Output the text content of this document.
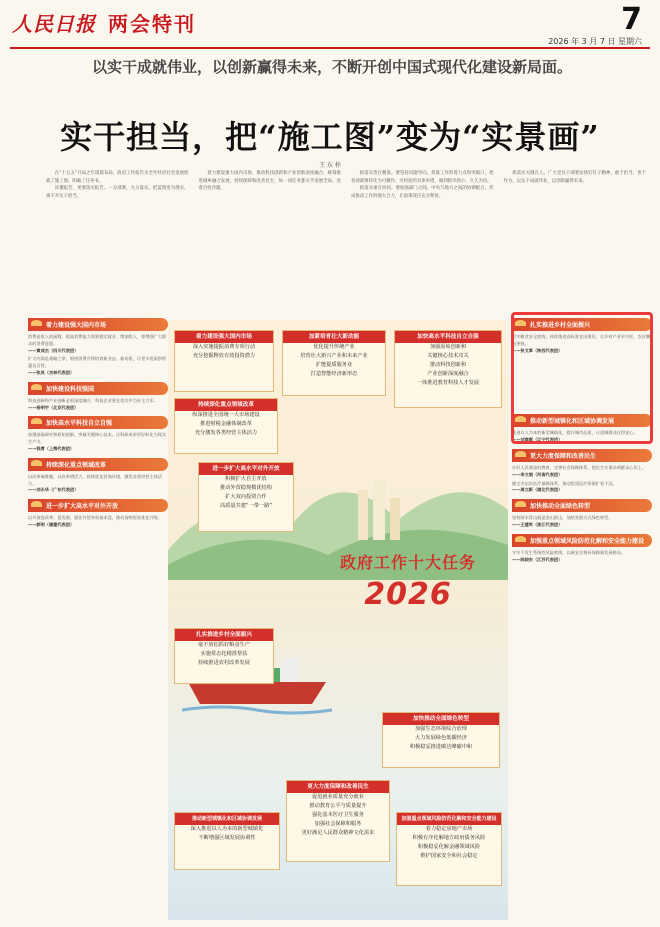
人民日报 两会特刊	7
2026 年 3 月 7 日 星期六
以实干成就伟业，以创新赢得未来，不断开创中国式现代化建设新局面。
实干担当，把“施工图”变为“实景画”
王 东 梓

在“十五五”开局之年谋篇布局，政府工作报告为全年经济社会发展绘就了施工图、明确了任务书。

读懂报告，更要落实报告。一分部署，九分落实。把蓝图变为现实，离不开实干担当。

着力建设强大国内市场，推动科技创新和产业创新深度融合，统筹推进城乡融合发展，持续保障和改善民生，每一项任务都关乎发展全局、连着百姓冷暖。

抓落实贵在精准。要坚持问题导向，找准工作的着力点和突破口，把各项部署转化为可操作、可检验的具体举措，做到抓早抓小、久久为功。

抓落实重在协同。要加强部门之间、中央与地方之间的协调配合，形成推动工作的强大合力，让政策效应充分释放。

抓落实关键在人。广大党员干部要发扬钉钉子精神，敢于担当、善于作为，以实干成就伟业，以创新赢得未来。

着力建设强大国内市场

消费是收入的函数，提高消费能力需要稳定就业、增加收入，要增强广大群众的消费意愿。
——黄成杰（四川代表团）

扩大内需是战略之举，围绕消费升级培育新业态、新场景，让更多优质供给惠及百姓。
——张凤（吉林代表团）

加快建设科技强国

科技创新和产业创新必须深度融合，科技企业要在攻关中当好主力军。
——杨明宇（北京代表团）

加快高水平科技自立自强

加强基础研究和原始创新，突破关键核心技术，让科研成果更好转化为现实生产力。
——钱青（上海代表团）

持续深化重点领域改革

以改革破难题，以改革增活力，持续优化营商环境，激发各类经营主体活力。
——刘永华（广东代表团）

进一步扩大高水平对外开放

以开放促改革、促发展，稳住外贸外资基本盘，推动货物贸易优化升级。
——郭明（福建代表团）

扎实推进乡村全面振兴

把牢粮食安全底线，持续推进高标准农田建设，让乡村产业更兴旺、农民腰包更鼓。
——张文革（陕西代表团）

推动新型城镇化和区域协调发展

推进以人为本的新型城镇化，提升城市品质，让进城群众住得安心。
——刘春晖（辽宁代表团）

更大力度保障和改善民生

办好人民满意的教育，完善社会保障体系，把民生实事办到群众心坎上。
——李文娟（河南代表团）

健全多层次医疗保障体系，推动优质医疗资源扩容下沉。
——周立新（湖北代表团）

加快推动全面绿色转型

坚持绿水青山就是金山银山，加快发展方式绿色转型。
——王建军（浙江代表团）

加强重点领域风险防范化解和安全能力建设

守牢不发生系统性风险底线，以新安全格局保障新发展格局。
——陈晓东（江苏代表团）

着力建设强大国内市场
深入实施提振消费专项行动
充分挖掘释放有效投资潜力
加紧培育壮大新动能
优化提升传统产业
培育壮大新兴产业和未来产业
扩能提质服务业
打造智能经济新形态
加快高水平科技自立自强
加强原始创新和
关键核心技术攻关
推动科技创新和
产业创新深度融合
一体推进教育科技人才发展
持续深化重点领域改革
纵深推进全国统一大市场建设
推进财税金融体制改革
充分激发各类经营主体活力
进一步扩大高水平对外开放
积极扩大自主开放
推动外贸稳规模优结构
扩大双向投资合作
高质量共建“一带一路”
政府工作十大任务
2026
扎实推进乡村全面振兴
毫不放松抓好粮食生产
实施常态化精准帮扶
持续推进农村改革发展
加快推动全面绿色转型
加强生态环境综合治理
大力发展绿色低碳经济
积极稳妥推进碳达峰碳中和
更大力度保障和改善民生
促进就业质量充分就业
推动教育公平与质量提升
强化基本医疗卫生服务
加强社会保障和服务
更好满足人民群众精神文化需求
推动新型城镇化和区域协调发展
深入推进以人为本的新型城镇化
不断增强区域发展协调性
加强重点领域风险防范化解和安全能力建设
着力稳定房地产市场
积极有序化解地方政府债务风险
积极稳妥化解金融领域风险
维护国家安全和社会稳定
